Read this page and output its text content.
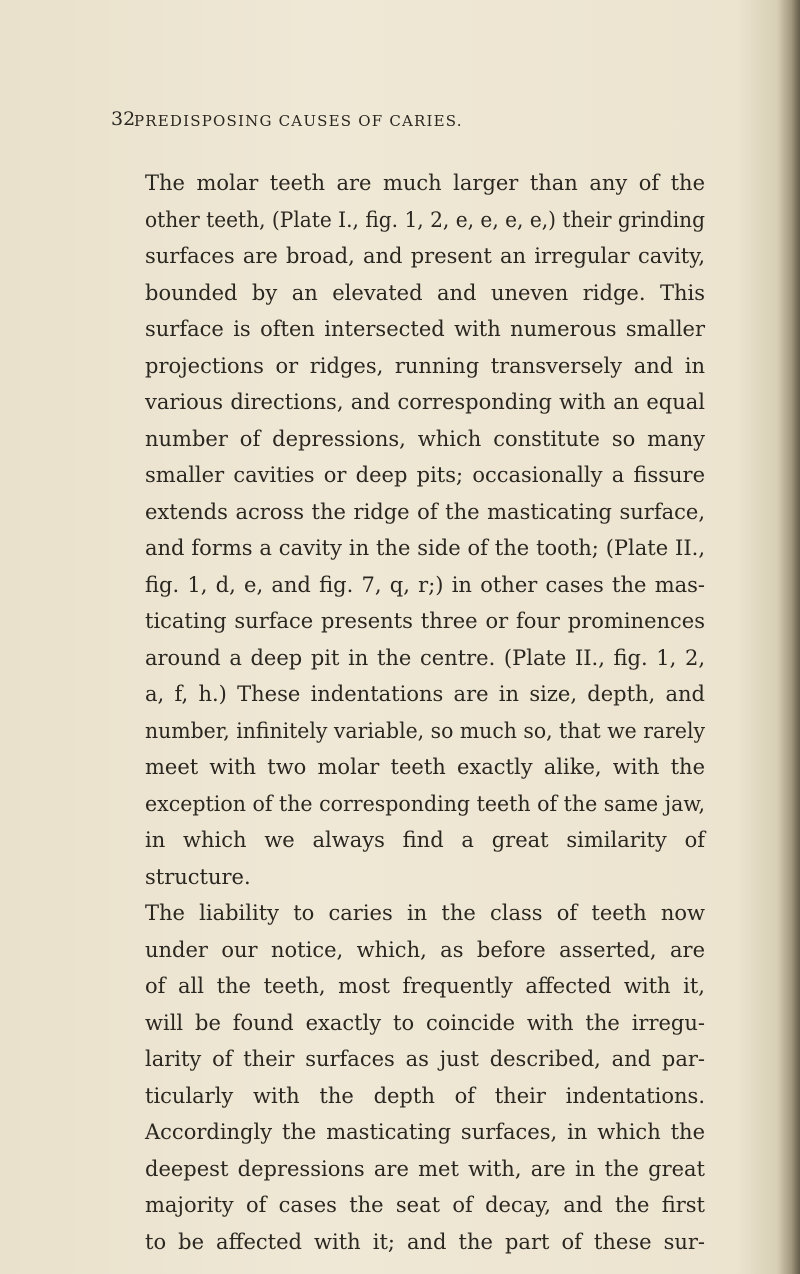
32
PREDISPOSING CAUSES OF CARIES.
The molar teeth are much larger than any of the
other teeth, (Plate I., fig. 1, 2, e, e, e, e,) their grinding
surfaces are broad, and present an irregular cavity,
bounded by an elevated and uneven ridge. This
surface is often intersected with numerous smaller
projections or ridges, running transversely and in
various directions, and corresponding with an equal
number of depressions, which constitute so many
smaller cavities or deep pits; occasionally a fissure
extends across the ridge of the masticating surface,
and forms a cavity in the side of the tooth; (Plate II.,
fig. 1, d, e, and fig. 7, q, r;) in other cases the mas-
ticating surface presents three or four prominences
around a deep pit in the centre. (Plate II., fig. 1, 2,
a, f, h.) These indentations are in size, depth, and
number, infinitely variable, so much so, that we rarely
meet with two molar teeth exactly alike, with the
exception of the corresponding teeth of the same jaw,
in which we always find a great similarity of
structure.
The liability to caries in the class of teeth now
under our notice, which, as before asserted, are
of all the teeth, most frequently affected with it,
will be found exactly to coincide with the irregu-
larity of their surfaces as just described, and par-
ticularly with the depth of their indentations.
Accordingly the masticating surfaces, in which the
deepest depressions are met with, are in the great
majority of cases the seat of decay, and the first
to be affected with it; and the part of these sur-
